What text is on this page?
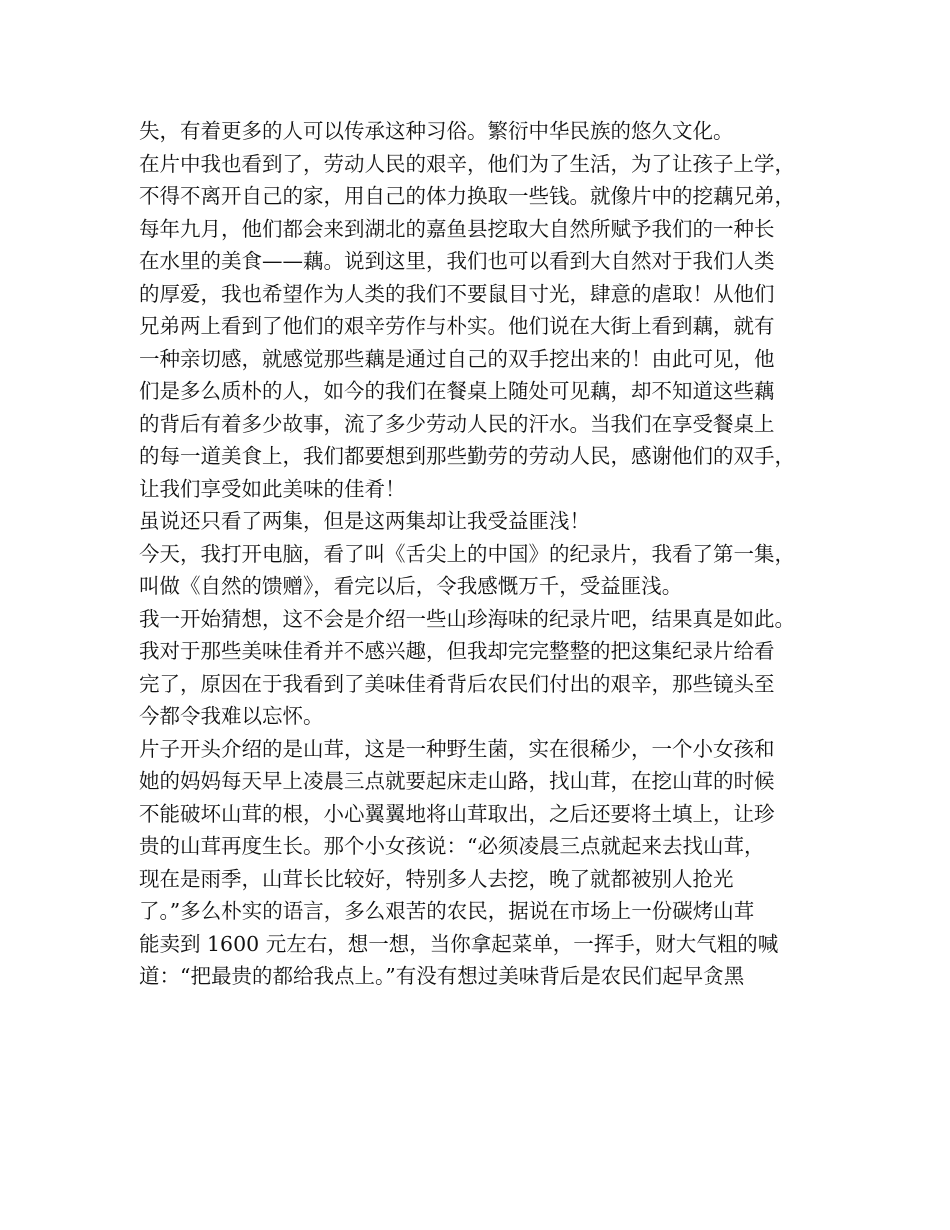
失，有着更多的人可以传承这种习俗。繁衍中华民族的悠久文化。
在片中我也看到了，劳动人民的艰辛，他们为了生活，为了让孩子上学，
不得不离开自己的家，用自己的体力换取一些钱。就像片中的挖藕兄弟，
每年九月，他们都会来到湖北的嘉鱼县挖取大自然所赋予我们的一种长
在水里的美食——藕。说到这里，我们也可以看到大自然对于我们人类
的厚爱，我也希望作为人类的我们不要鼠目寸光，肆意的虐取！从他们
兄弟两上看到了他们的艰辛劳作与朴实。他们说在大街上看到藕，就有
一种亲切感，就感觉那些藕是通过自己的双手挖出来的！由此可见，他
们是多么质朴的人，如今的我们在餐桌上随处可见藕，却不知道这些藕
的背后有着多少故事，流了多少劳动人民的汗水。当我们在享受餐桌上
的每一道美食上，我们都要想到那些勤劳的劳动人民，感谢他们的双手，
让我们享受如此美味的佳肴！
虽说还只看了两集，但是这两集却让我受益匪浅！
今天，我打开电脑，看了叫《舌尖上的中国》的纪录片，我看了第一集，
叫做《自然的馈赠》，看完以后，令我感慨万千，受益匪浅。
我一开始猜想，这不会是介绍一些山珍海味的纪录片吧，结果真是如此。
我对于那些美味佳肴并不感兴趣，但我却完完整整的把这集纪录片给看
完了，原因在于我看到了美味佳肴背后农民们付出的艰辛，那些镜头至
今都令我难以忘怀。
片子开头介绍的是山茸，这是一种野生菌，实在很稀少，一个小女孩和
她的妈妈每天早上凌晨三点就要起床走山路，找山茸，在挖山茸的时候
不能破坏山茸的根，小心翼翼地将山茸取出，之后还要将土填上，让珍
贵的山茸再度生长。那个小女孩说：“必须凌晨三点就起来去找山茸，
现在是雨季，山茸长比较好，特别多人去挖，晚了就都被别人抢光
了。”多么朴实的语言，多么艰苦的农民，据说在市场上一份碳烤山茸
能卖到 1600 元左右，想一想，当你拿起菜单，一挥手，财大气粗的喊
道：“把最贵的都给我点上。”有没有想过美味背后是农民们起早贪黑
